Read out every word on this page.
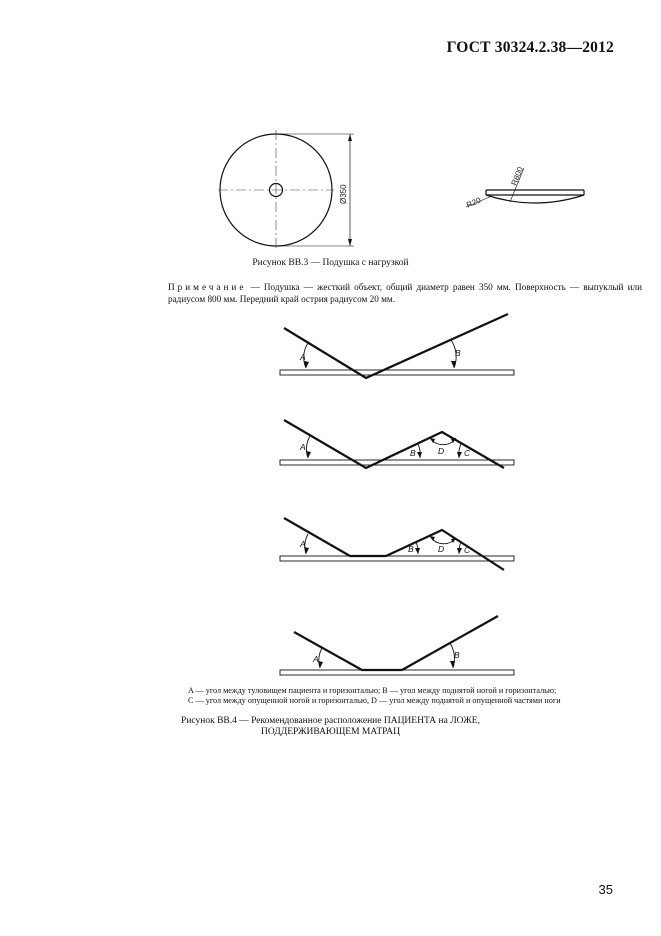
ГОСТ 30324.2.38—2012
Ø350
R800
R20
Рисунок ВВ.3 — Подушка с нагрузкой
Примечание — Подушка — жесткий объект, общий диаметр равен 350 мм. Поверхность — выпуклый или радиусом 800 мм. Передний край острия радиусом 20 мм.
A	B
A
B	D C
A	B	D C
A	B
A — угол между туловищем пациента и горизонталью; B — угол между поднятой ногой и горизонталью;
C — угол между опущенной ногой и горизонталью, D — угол между поднятой и опущенной частями ноги
Рисунок ВВ.4 — Рекомендованное расположение ПАЦИЕНТА на ЛОЖЕ,
ПОДДЕРЖИВАЮЩЕМ МАТРАЦ
35
